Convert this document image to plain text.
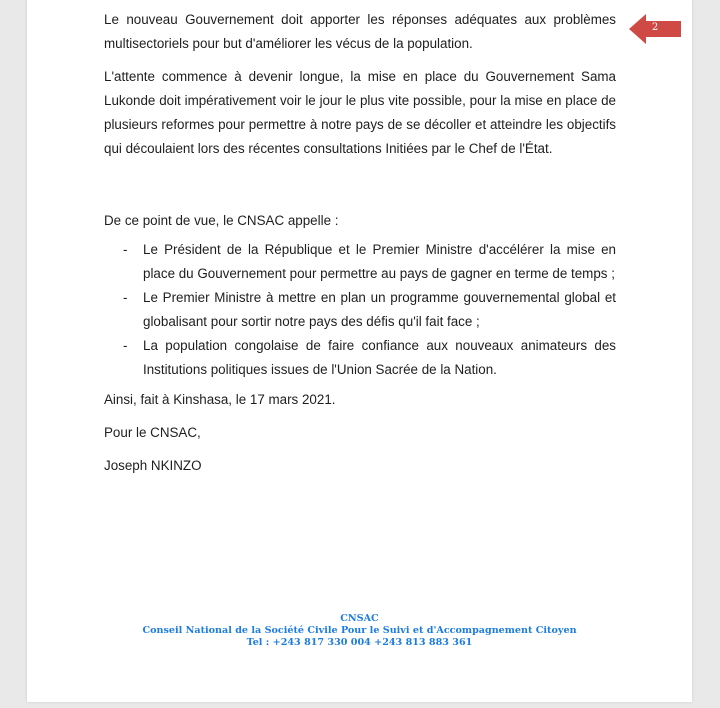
2

Le nouveau Gouvernement doit apporter les réponses adéquates aux problèmes multisectoriels pour but d'améliorer les vécus de la population.

L'attente commence à devenir longue, la mise en place du Gouvernement Sama Lukonde doit impérativement voir le jour le plus vite possible, pour la mise en place de plusieurs reformes pour permettre à notre pays de se décoller et atteindre les objectifs qui découlaient lors des récentes consultations Initiées par le Chef de l'État.

De ce point de vue, le CNSAC appelle :

- Le Président de la République et le Premier Ministre d'accélérer la mise en place du Gouvernement pour permettre au pays de gagner en terme de temps ;
- Le Premier Ministre à mettre en plan un programme gouvernemental global et globalisant pour sortir notre pays des défis qu'il fait face ;
- La population congolaise de faire confiance aux nouveaux animateurs des Institutions politiques issues de l'Union Sacrée de la Nation.

Ainsi, fait à Kinshasa, le 17 mars 2021.

Pour le CNSAC,

Joseph NKINZO

CNSAC
Conseil National de la Société Civile Pour le Suivi et d'Accompagnement Citoyen
Tel : +243 817 330 004 +243 813 883 361
